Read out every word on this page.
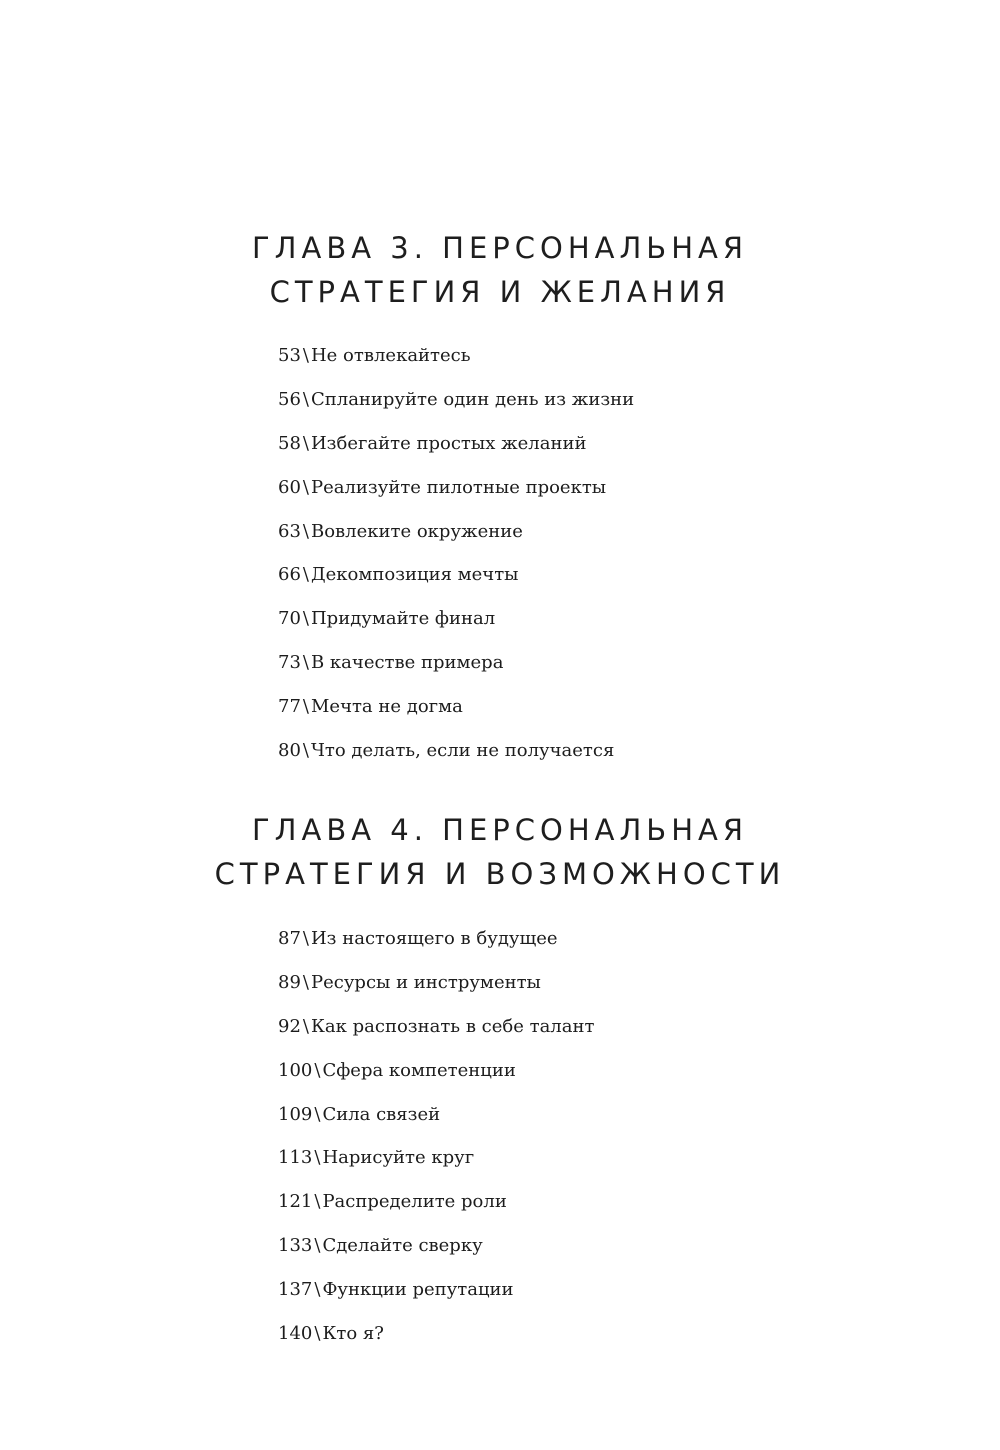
ГЛАВА 3. ПЕРСОНАЛЬНАЯ
СТРАТЕГИЯ И ЖЕЛАНИЯ
53 \ Не отвлекайтесь
56 \ Спланируйте один день из жизни
58 \ Избегайте простых желаний
60 \ Реализуйте пилотные проекты
63 \ Вовлеките окружение
66 \ Декомпозиция мечты
70 \ Придумайте финал
73 \ В качестве примера
77 \ Мечта не догма
80 \ Что делать, если не получается
ГЛАВА 4. ПЕРСОНАЛЬНАЯ
СТРАТЕГИЯ И ВОЗМОЖНОСТИ
87 \ Из настоящего в будущее
89 \ Ресурсы и инструменты
92 \ Как распознать в себе талант
100 \ Сфера компетенции
109 \ Сила связей
113 \ Нарисуйте круг
121 \ Распределите роли
133 \ Сделайте сверку
137 \ Функции репутации
140 \ Кто я?
